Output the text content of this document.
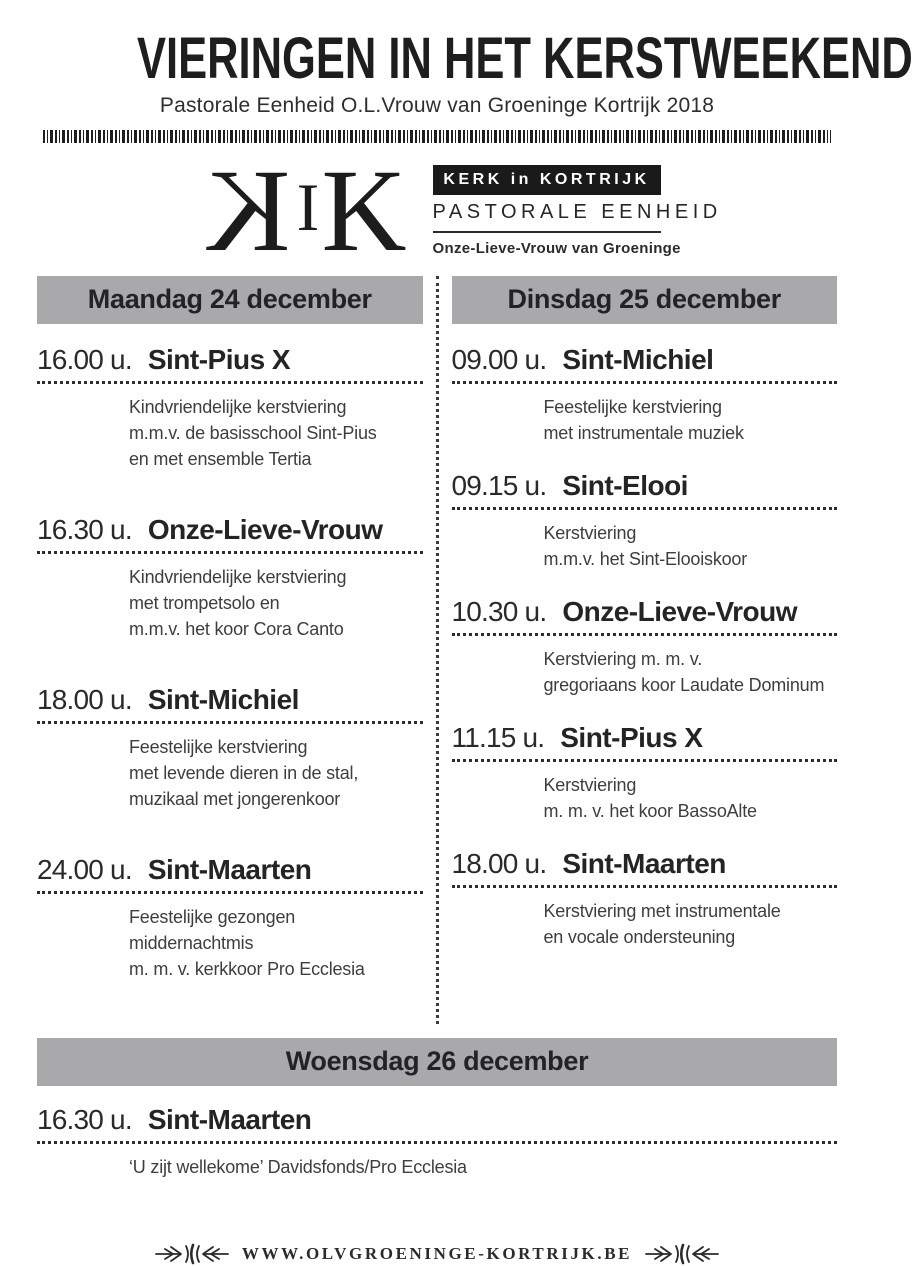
VIERINGEN IN HET KERSTWEEKEND
Pastorale Eenheid O.L.Vrouw van Groeninge Kortrijk 2018
K I K	KERK in KORTRIJK
PASTORALE EENHEID
Onze-Lieve-Vrouw van Groeninge
Maandag 24 december
16.00 u. Sint-Pius X
Kindvriendelijke kerstviering
m.m.v. de basisschool Sint-Pius
en met ensemble Tertia
16.30 u. Onze-Lieve-Vrouw
Kindvriendelijke kerstviering
met trompetsolo en
m.m.v. het koor Cora Canto
18.00 u. Sint-Michiel
Feestelijke kerstviering
met levende dieren in de stal,
muzikaal met jongerenkoor
24.00 u. Sint-Maarten
Feestelijke gezongen middernachtmis
m. m. v. kerkkoor Pro Ecclesia
Dinsdag 25 december
09.00 u. Sint-Michiel
Feestelijke kerstviering
met instrumentale muziek
09.15 u. Sint-Elooi
Kerstviering
m.m.v. het Sint-Elooiskoor
10.30 u. Onze-Lieve-Vrouw
Kerstviering m. m. v.
gregoriaans koor Laudate Dominum
11.15 u. Sint-Pius X
Kerstviering
m. m. v. het koor BassoAlte
18.00 u. Sint-Maarten
Kerstviering met instrumentale
en vocale ondersteuning
Woensdag 26 december
16.30 u. Sint-Maarten
‘U zijt wellekome’ Davidsfonds/Pro Ecclesia
WWW.OLVGROENINGE-KORTRIJK.BE
